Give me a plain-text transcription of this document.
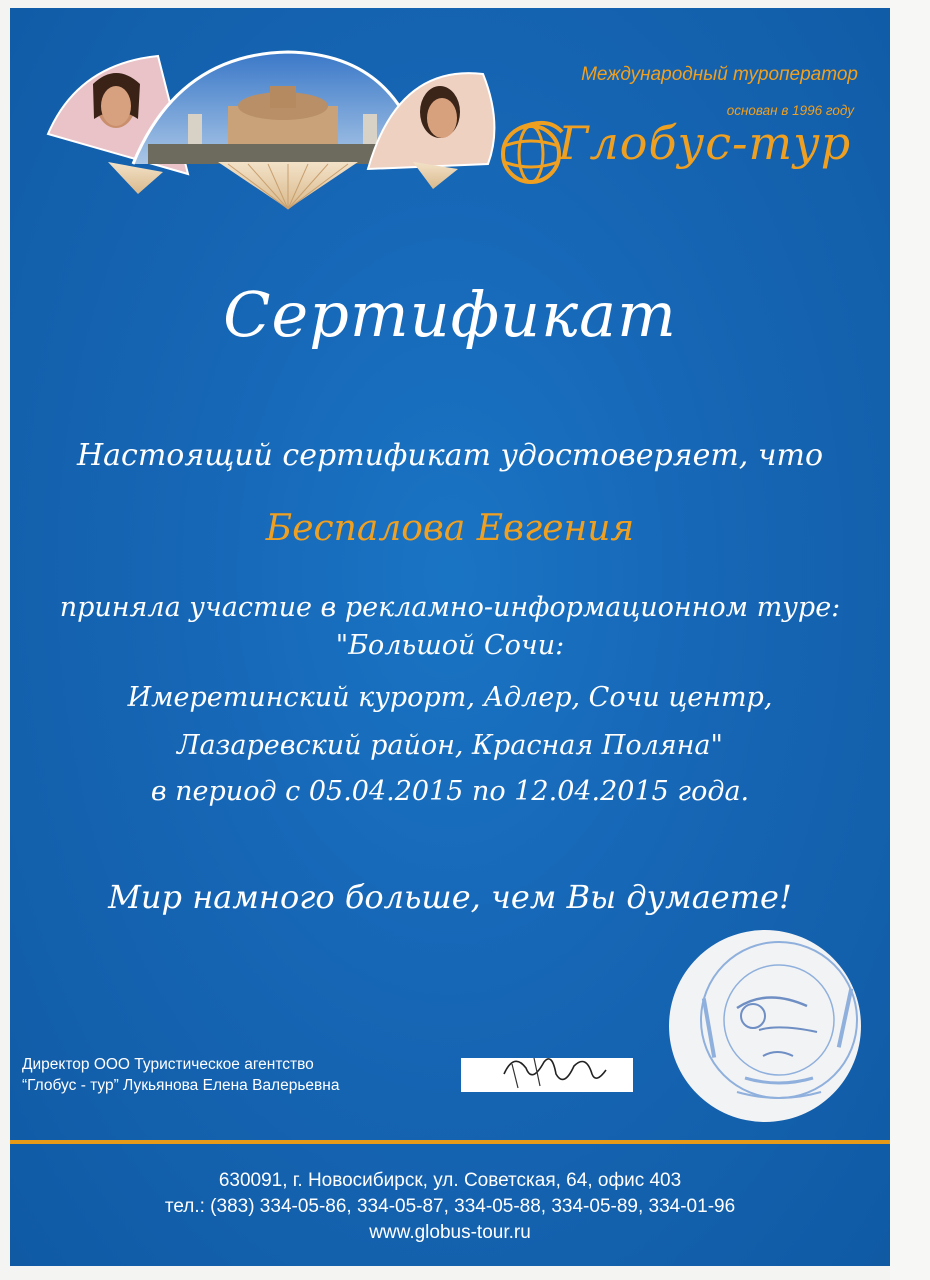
Международный туроператор
основан в 1996 году
Глобус-тур
Сертификат
Настоящий сертификат удостоверяет, что
Беспалова Евгения
приняла участие в рекламно-информационном туре:
"Большой Сочи:
Имеретинский курорт, Адлер, Сочи центр,
Лазаревский район, Красная Поляна"
в период с 05.04.2015 по 12.04.2015 года.
Мир намного больше, чем Вы думаете!
Директор ООО Туристическое агентство
“Глобус - тур” Лукьянова Елена Валерьевна
630091, г. Новосибирск, ул. Советская, 64, офис 403
тел.: (383) 334-05-86, 334-05-87, 334-05-88, 334-05-89, 334-01-96
www.globus-tour.ru
